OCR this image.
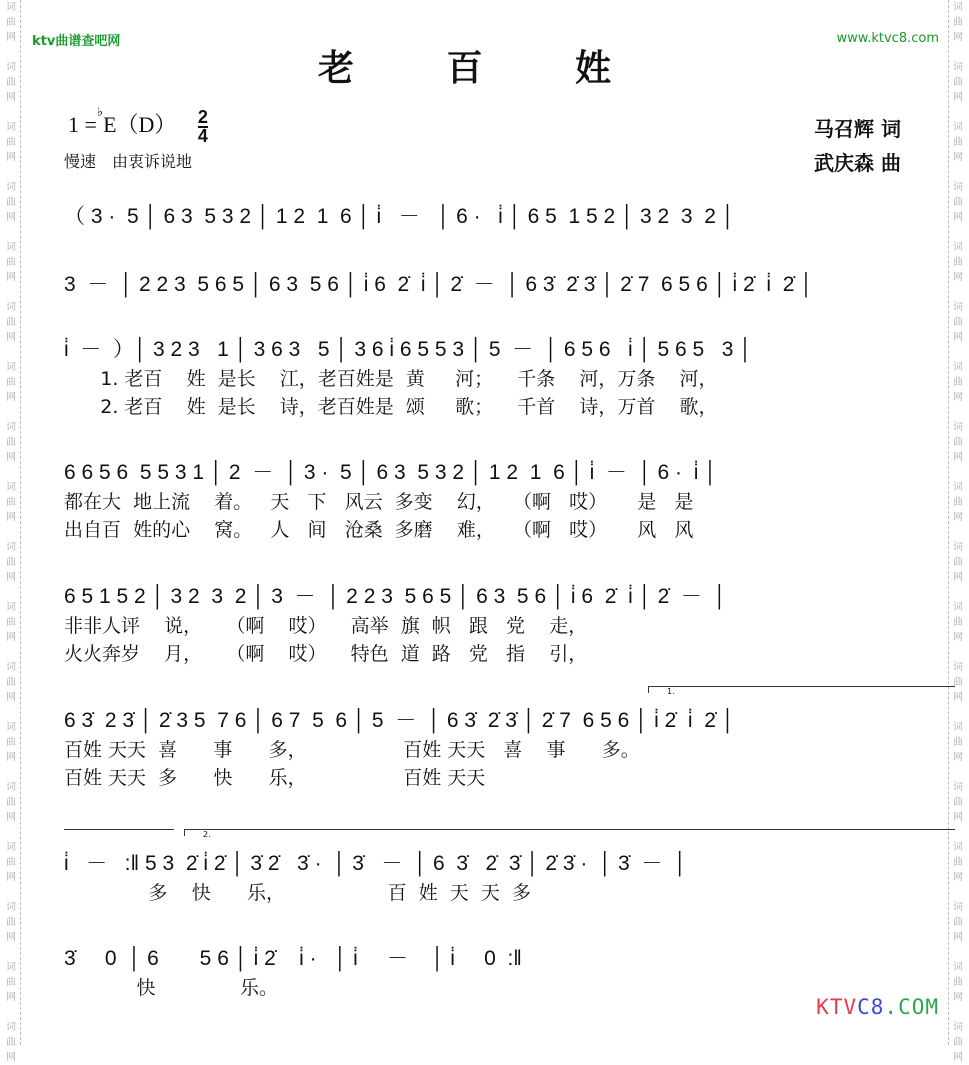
词
曲
网
词
曲
网
词
曲
网
词
曲
网
词
曲
网
词
曲
网
词
曲
网
词
曲
网
词
曲
网
词
曲
网
词
曲
网
词
曲
网
词
曲
网
词
曲
网
词
曲
网
词
曲
网
词
曲
网
词
曲
网
词
曲
网
词
曲
网
词
曲
网
词
曲
网
词
曲
网
词
曲
网
词
曲
网
词
曲
网
词
曲
网
词
曲
网
词
曲
网
词
曲
网
词
曲
网
词
曲
网
词
曲
网
词
曲
网
词
曲
网
词
曲
网
ktv曲谱查吧网	www.ktvc8.com
老 百 姓
$1 =^♭E(D) \frac{2}{4}$
慢速　由衷诉说地
马召辉 词
武庆森 曲
（ 3 ·  5 │ 6 3  5 3 2 │ 1 2  1  6 │ i̇   －   │ 6 ·   i̇ │ 6 5  1 5 2 │ 3 2  3  2 │
3  －  │ 2 2 3  5 6 5 │ 6 3  5 6 │ i̇ 6  2̇  i̇ │ 2̇  －  │ 6 3̇  2̇ 3̇ │ 2̇ 7  6 5 6 │ i̇ 2̇  i̇  2̇ │
i̇  －  ）│ 3 2 3   1 │ 3 6 3   5 │ 3 6 i̇ 6 5 5 3 │ 5  －  │ 6 5 6   i̇ │ 5 6 5   3 │
1. 老百    姓  是长    江，老百姓是  黄     河；    千条    河，万条    河，
2. 老百    姓  是长    诗，老百姓是  颂     歌；    千首    诗，万首    歌，
6 6 5 6  5 5 3 1 │ 2  －  │ 3 ·  5 │ 6 3  5 3 2 │ 1 2  1  6 │ i̇  －  │ 6 ·  i̇ │
都在大  地上流    着。   天   下   风云  多变    幻，   （啊   哎）     是   是
出自百  姓的心    窝。   人   间   沧桑  多磨    难，   （啊   哎）     风   风
6 5 1 5 2 │ 3 2  3  2 │ 3  －  │ 2 2 3  5 6 5 │ 6 3  5 6 │ i̇ 6  2̇  i̇ │ 2̇  －  │
非非人评    说，    （啊    哎）    高举  旗  帜   跟   党    走，
火火奔岁    月，    （啊    哎）    特色  道  路   党   指    引，
1.
6 3̇  2 3̇ │ 2̇ 3 5  7 6 │ 6 7  5  6 │ 5  －  │ 6 3̇  2̇ 3̇ │ 2̇ 7  6 5 6 │ i̇ 2̇  i̇  2̇ │
百姓 天天  喜      事      多，                百姓 天天   喜    事      多。
百姓 天天  多      快      乐，                百姓 天天
2.
i̇   －   :‖ 5 3  2̇ i̇ 2̇ │ 3̇ 2̇   3̇ ·  │ 3̇   －  │ 6  3̇   2̇  3̇ │ 2̇ 3̇ ·  │ 3̇  －  │
多    快      乐，                 百  姓  天  天  多
3̇     0  │ 6       5 6 │ i̇ 2̇    i̇ ·   │ i̇     －    │ i̇     0  :‖
快              乐。
KTVC8.COM
